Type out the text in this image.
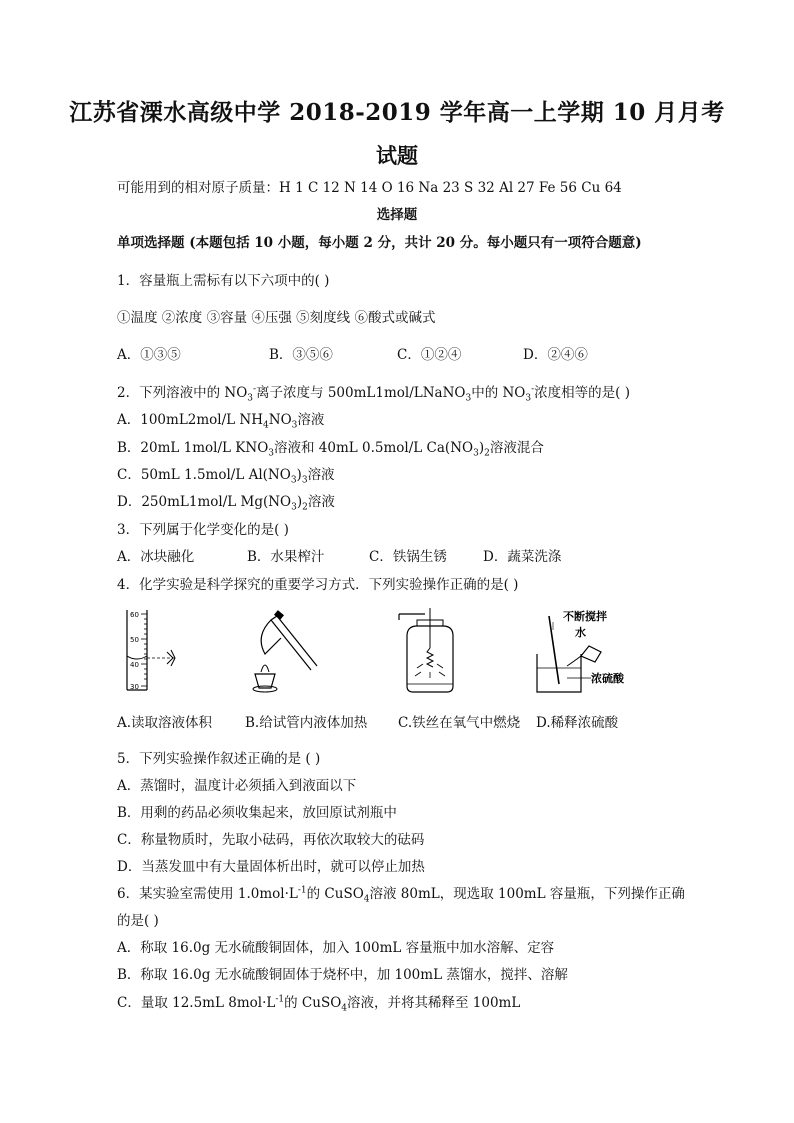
江苏省溧水高级中学 2018-2019 学年高一上学期 10 月月考
试题
可能用到的相对原子质量：H 1 C 12 N 14 O 16 Na 23 S 32 Al 27 Fe 56 Cu 64
选择题
单项选择题 (本题包括 10 小题，每小题 2 分，共计 20 分。每小题只有一项符合题意)
1．容量瓶上需标有以下六项中的( )
①温度 ②浓度 ③容量 ④压强 ⑤刻度线 ⑥酸式或碱式
A．①③⑤	B．③⑤⑥	C．①②④	D．②④⑥
2．下列溶液中的 $NO_3^-$离子浓度与 500mL1mol/LNaNO$_3$中的 $NO_3^-$浓度相等的是( )
A．100mL2mol/L $NH_4NO_3$溶液
B．20mL 1mol/L $KNO_3$溶液和 40mL 0.5mol/L $Ca(NO_3)_2$溶液混合
C．50mL 1.5mol/L $Al(NO_3)_3$溶液
D．250mL1mol/L $Mg(NO_3)_2$溶液
3．下列属于化学变化的是( )
A．冰块融化	B．水果榨汁	C．铁锅生锈	D．蔬菜洗涤
4．化学实验是科学探究的重要学习方式．下列实验操作正确的是( )
60
50
40
30
不断搅拌
水
浓硫酸
A.读取溶液体积 B.给试管内液体加热 C.铁丝在氧气中燃烧 D.稀释浓硫酸
5．下列实验操作叙述正确的是 ( )
A．蒸馏时，温度计必须插入到液面以下
B．用剩的药品必须收集起来，放回原试剂瓶中
C．称量物质时，先取小砝码，再依次取较大的砝码
D．当蒸发皿中有大量固体析出时，就可以停止加热
6．某实验室需使用 $1.0mol\cdot L^{-1}$的 CuSO$_4$溶液 80mL，现选取 100mL 容量瓶，下列操作正确
的是( )
A．称取 16.0g 无水硫酸铜固体，加入 100mL 容量瓶中加水溶解、定容
B．称取 16.0g 无水硫酸铜固体于烧杯中，加 100mL 蒸馏水，搅拌、溶解
C．量取 12.5mL $8mol\cdot L^{-1}$的 CuSO$_4$溶液，并将其稀释至 100mL
